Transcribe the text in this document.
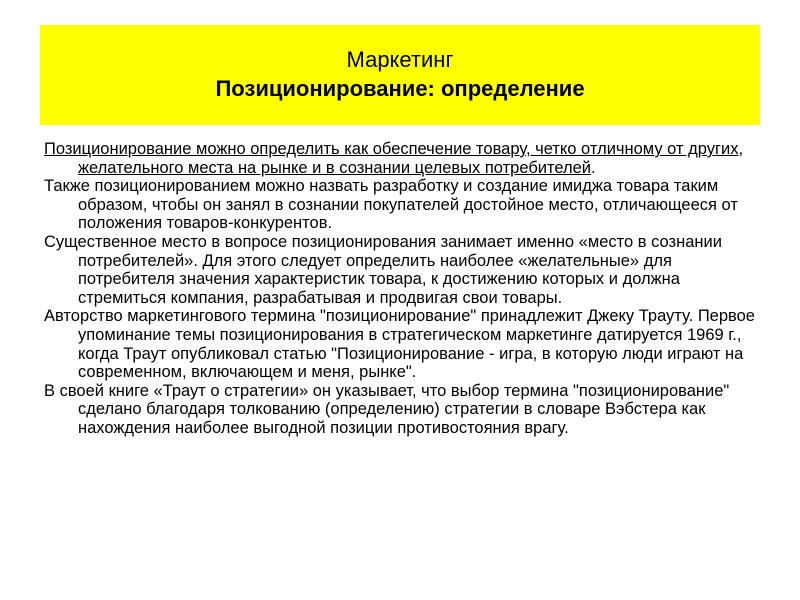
Маркетинг
Позиционирование: определение

Позиционирование можно определить как обеспечение товару, четко отличному от других, желательного места на рынке и в сознании целевых потребителей.

Также позиционированием можно назвать разработку и создание имиджа товара таким образом, чтобы он занял в сознании покупателей достойное место, отличающееся от положения товаров-конкурентов.

Существенное место в вопросе позиционирования занимает именно «место в сознании потребителей». Для этого следует определить наиболее «желательные» для потребителя значения характеристик товара, к достижению которых и должна стремиться компания, разрабатывая и продвигая свои товары.

Авторство маркетингового термина "позиционирование" принадлежит Джеку Трауту. Первое упоминание темы позиционирования в стратегическом маркетинге датируется 1969 г., когда Траут опубликовал статью "Позиционирование - игра, в которую люди играют на современном, включающем и меня, рынке".

В своей книге «Траут о стратегии» он указывает, что выбор термина "позиционирование" сделано благодаря толкованию (определению) стратегии в словаре Вэбстера как нахождения наиболее выгодной позиции противостояния врагу.
